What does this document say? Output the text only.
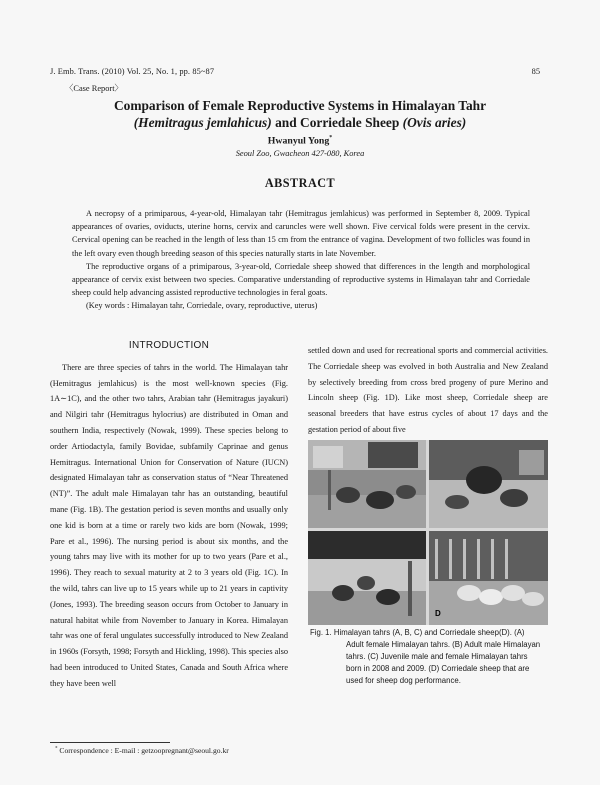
J. Emb. Trans. (2010) Vol. 25, No. 1, pp. 85~87	85
〈Case Report〉
Comparison of Female Reproductive Systems in Himalayan Tahr
(Hemitragus jemlahicus) and Corriedale Sheep (Ovis aries)
Hwanyul Yong*
Seoul Zoo, Gwacheon 427-080, Korea
ABSTRACT

A necropsy of a primiparous, 4-year-old, Himalayan tahr (Hemitragus jemlahicus) was performed in September 8, 2009. Typical appearances of ovaries, oviducts, uterine horns, cervix and caruncles were well shown. Five cervical folds were present in the cervix. Cervical opening can be reached in the length of less than 15 cm from the entrance of vagina. Development of two follicles was found in the left ovary even though breeding season of this species naturally starts in late November.

The reproductive organs of a primiparous, 3-year-old, Corriedale sheep showed that differences in the length and morphological appearance of cervix exist between two species. Comparative understanding of reproductive systems in Himalayan tahr and Corriedale sheep could help advancing assisted reproductive technologies in feral goats.

(Key words : Himalayan tahr, Corriedale, ovary, reproductive, uterus)

INTRODUCTION

There are three species of tahrs in the world. The Himalayan tahr (Hemitragus jemlahicus) is the most well-known species (Fig. 1A∼1C), and the other two tahrs, Arabian tahr (Hemitragus jayakuri) and Nilgiri tahr (Hemitragus hylocrius) are distributed in Oman and southern India, respectively (Nowak, 1999). These species belong to order Artiodactyla, family Bovidae, subfamily Caprinae and genus Hemitragus. International Union for Conservation of Nature (IUCN) designated Himalayan tahr as conservation status of “Near Threatened (NT)”. The adult male Himalayan tahr has an outstanding, beautiful mane (Fig. 1B). The gestation period is seven months and usually only one kid is born at a time or rarely two kids are born (Nowak, 1999; Pare et al., 1996). The nursing period is about six months, and the young tahrs may live with its mother for up to two years (Pare et al., 1996). They reach to sexual maturity at 2 to 3 years old (Fig. 1C). In the wild, tahrs can live up to 15 years while up to 21 years in captivity (Jones, 1993). The breeding season occurs from October to January in natural habitat while from November to January in Korea. Himalayan tahr was one of feral ungulates successfully introduced to New Zealand in 1960s (Forsyth, 1998; Forsyth and Hickling, 1998). This species also had been introduced to United States, Canada and South Africa where they have been well

settled down and used for recreational sports and commercial activities. The Corriedale sheep was evolved in both Australia and New Zealand by selectively breeding from cross bred progeny of pure Merino and Lincoln sheep (Fig. 1D). Like most sheep, Corriedale sheep are seasonal breeders that have estrus cycles of about 17 days and the gestation period of about five

D
Fig. 1. Himalayan tahrs (A, B, C) and Corriedale sheep(D). (A)
Adult female Himalayan tahrs. (B) Adult male Himalayan tahrs. (C) Juvenile male and female Himalayan tahrs born in 2008 and 2009. (D) Corriedale sheep that are used for sheep dog performance.
* Correspondence : E-mail : getzoopregnant@seoul.go.kr
